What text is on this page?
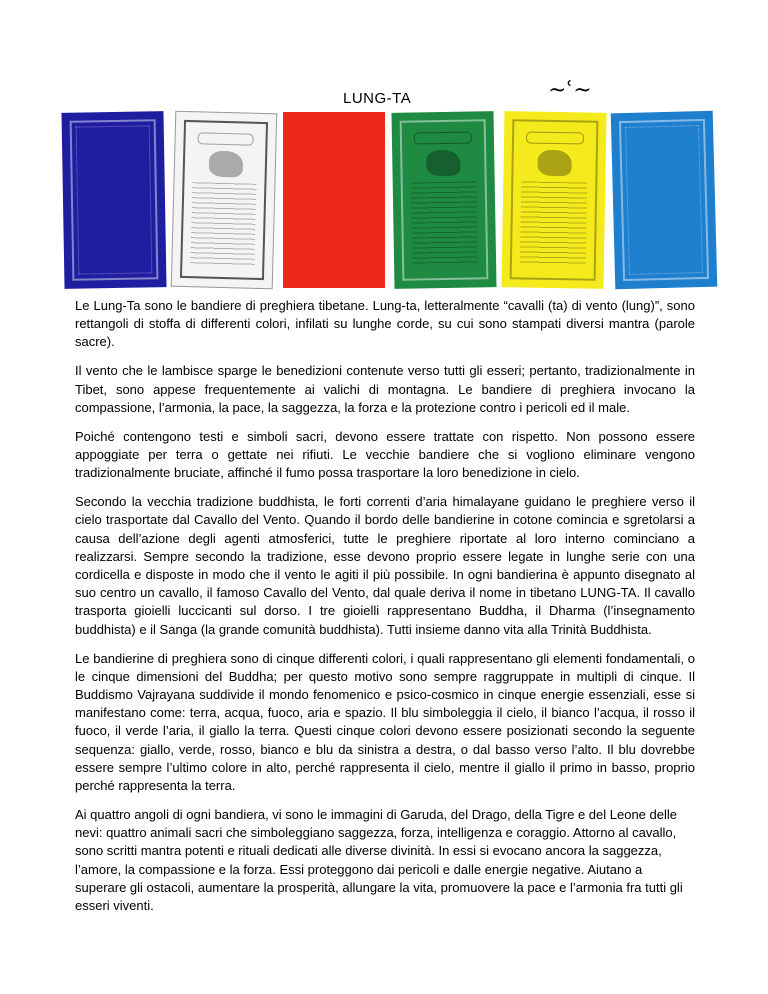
LUNG-TA	~ʿ~

Le Lung-Ta sono le bandiere di preghiera tibetane. Lung-ta, letteralmente “cavalli (ta) di vento (lung)”, sono rettangoli di stoffa di differenti colori, infilati su lunghe corde, su cui sono stampati diversi mantra (parole sacre).

Il vento che le lambisce sparge le benedizioni contenute verso tutti gli esseri; pertanto, tradizionalmente in Tibet, sono appese frequentemente ai valichi di montagna. Le bandiere di preghiera invocano la compassione, l’armonia, la pace, la saggezza, la forza e la protezione contro i pericoli ed il male.

Poiché contengono testi e simboli sacri, devono essere trattate con rispetto. Non possono essere appoggiate per terra o gettate nei rifiuti. Le vecchie bandiere che si vogliono eliminare vengono tradizionalmente bruciate, affinché il fumo possa trasportare la loro benedizione in cielo.

Secondo la vecchia tradizione buddhista, le forti correnti d’aria himalayane guidano le preghiere verso il cielo trasportate dal Cavallo del Vento. Quando il bordo delle bandierine in cotone comincia e sgretolarsi a causa dell’azione degli agenti atmosferici, tutte le preghiere riportate al loro interno cominciano a realizzarsi. Sempre secondo la tradizione, esse devono proprio essere legate in lunghe serie con una cordicella e disposte in modo che il vento le agiti il più possibile. In ogni bandierina è appunto disegnato al suo centro un cavallo, il famoso Cavallo del Vento, dal quale deriva il nome in tibetano LUNG-TA. Il cavallo trasporta gioielli luccicanti sul dorso. I tre gioielli rappresentano Buddha, il Dharma (l’insegnamento buddhista) e il Sanga (la grande comunità buddhista). Tutti insieme danno vita alla Trinità Buddhista.

Le bandierine di preghiera sono di cinque differenti colori, i quali rappresentano gli elementi fondamentali, o le cinque dimensioni del Buddha; per questo motivo sono sempre raggruppate in multipli di cinque. Il Buddismo Vajrayana suddivide il mondo fenomenico e psico-cosmico in cinque energie essenziali, esse si manifestano come: terra, acqua, fuoco, aria e spazio. Il blu simboleggia il cielo, il bianco l’acqua, il rosso il fuoco, il verde l’aria, il giallo la terra. Questi cinque colori devono essere posizionati secondo la seguente sequenza: giallo, verde, rosso, bianco e blu da sinistra a destra, o dal basso verso l’alto. Il blu dovrebbe essere sempre l’ultimo colore in alto, perché rappresenta il cielo, mentre il giallo il primo in basso, proprio perché rappresenta la terra.

Ai quattro angoli di ogni bandiera, vi sono le immagini di Garuda, del Drago, della Tigre e del Leone delle nevi: quattro animali sacri che simboleggiano saggezza, forza, intelligenza e coraggio. Attorno al cavallo, sono scritti mantra potenti e rituali dedicati alle diverse divinità. In essi si evocano ancora la saggezza, l’amore, la compassione e la forza. Essi proteggono dai pericoli e dalle energie negative. Aiutano a superare gli ostacoli, aumentare la prosperità, allungare la vita, promuovere la pace e l’armonia fra tutti gli esseri viventi.
